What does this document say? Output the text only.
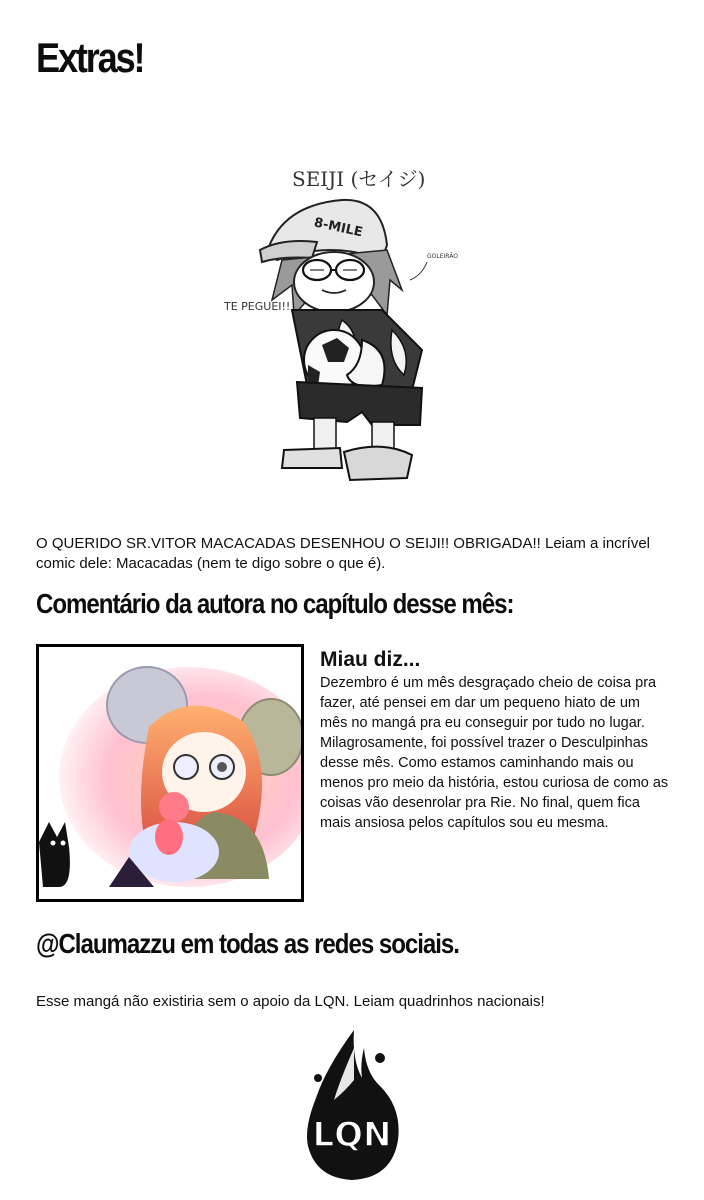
Extras!
SEIJI (セイジ)
8-MILE
GOLEIRÃO
TE PEGUEI!!

O QUERIDO SR.VITOR MACACADAS DESENHOU O SEIJI!! OBRIGADA!! Leiam a incrível comic dele: Macacadas (nem te digo sobre o que é).

Comentário da autora no capítulo desse mês:
Miau diz...

Dezembro é um mês desgraçado cheio de coisa pra fazer, até pensei em dar um pequeno hiato de um mês no mangá pra eu conseguir por tudo no lugar. Milagrosamente, foi possível trazer o Desculpinhas desse mês. Como estamos caminhando mais ou menos pro meio da história, estou curiosa de como as coisas vão desenrolar pra Rie. No final, quem fica mais ansiosa pelos capítulos sou eu mesma.

@Claumazzu em todas as redes sociais.

Esse mangá não existiria sem o apoio da LQN. Leiam quadrinhos nacionais!

LQN
